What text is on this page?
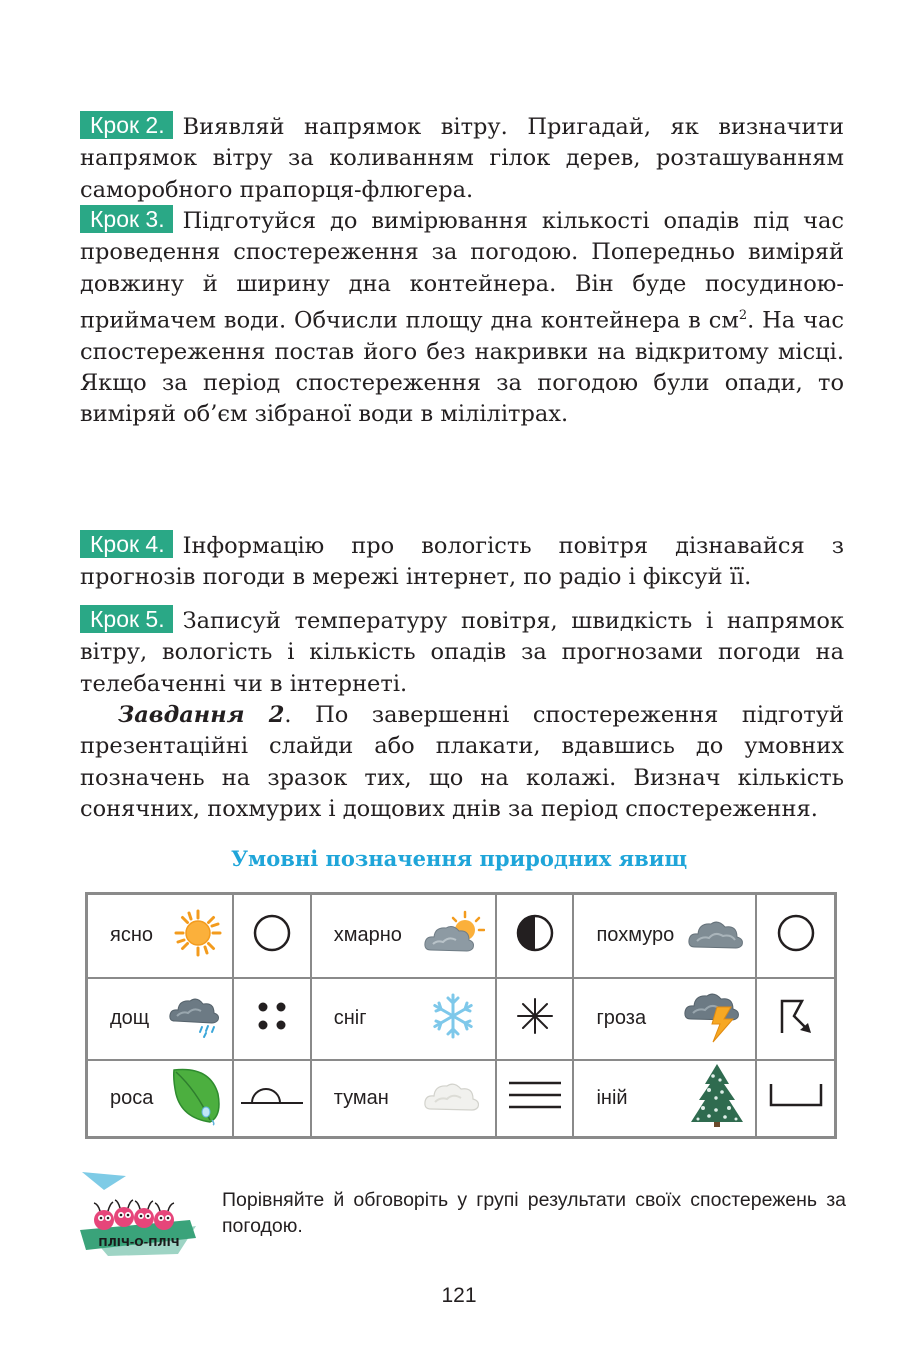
Крок 2. Виявляй напрямок вітру. Пригадай, як визначити напрямок вітру за коливанням гілок дерев, розташуванням саморобного прапорця-флюгера.

Крок 3. Підготуйся до вимірювання кількості опадів під час проведення спостереження за погодою. Попередньо виміряй довжину й ширину дна контейнера. Він буде посудиною-приймачем води. Обчисли площу дна контейнера в $см^2$. На час спостереження постав його без накривки на відкритому місці. Якщо за період спостереження за погодою були опади, то виміряй об’єм зібраної води в мілілітрах.

Крок 4. Інформацію про вологість повітря дізнавайся з прогнозів погоди в мережі інтернет, по радіо і фіксуй її.

Крок 5. Записуй температуру повітря, швидкість і напрямок вітру, вологість і кількість опадів за прогнозами погоди на телебаченні чи в інтернеті.

Завдання 2. По завершенні спостереження підготуй презентаційні слайди або плакати, вдавшись до умовних позначень на зразок тих, що на колажі. Визнач кількість сонячних, похмурих і дощових днів за період спостереження.

Умовні позначення природних явищ
ясно		хмарно		похмуро

дощ		сніг		гроза

роса		туман		іній

ПЛІЧ-О-ПЛІЧ

Порівняйте й обговоріть у групі результати своїх спостережень за погодою.

121
